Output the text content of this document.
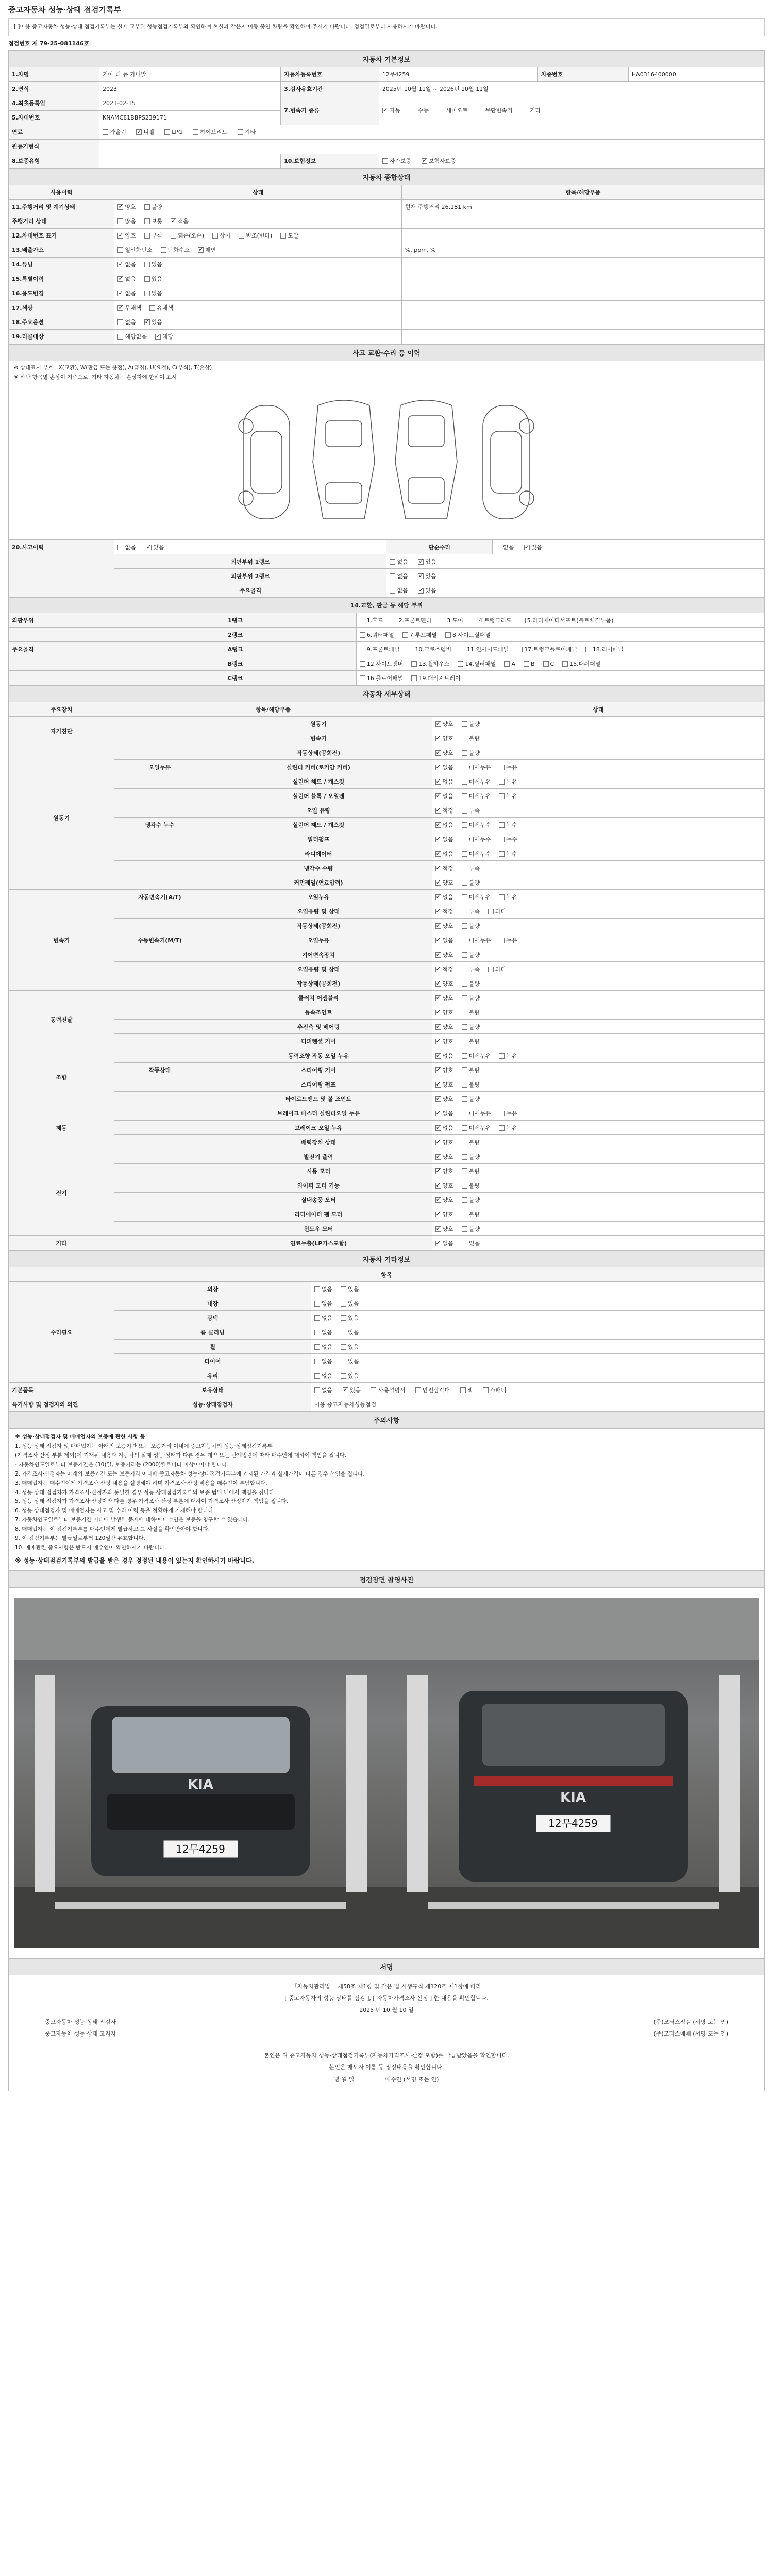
중고자동차 성능·상태 점검기록부
[ ]이용 중고자동차 성능·상태 점검기록부는 실제 교부된 성능점검기록부와 확인하여 현실과 같은지 이동 중인 차량을 확인하여 주시기 바랍니다. 점검일로부터 사용하시기 바랍니다.
점검번호 제 79-25-081146호
자동차 기본정보
1.차명	기아 더 뉴 카니발	자동차등록번호	12무4259	차종번호	HA0316400000
2.연식	2023	3.검사유효기간	2025년 10월 11일 ~ 2026년 10월 11일		
4.최초등록일	2023-02-15	7.변속기 종류	✓자동 수동 세미오토 무단변속기 기타
5.차대번호	KNAMC81BBPS239171				
연료	가솔린 ✓ 디젤 LPG 하이브리드 기타
원동기형식					
8.보증유형		10.보험정보	자가보증 ✓ 보험사보증
자동차 종합상태
사용이력	상태	항목/해당부품
11.주행거리 및 계기상태	✓양호 불량	현재 주행거리 26,181 km
주행거리 상태	많음 보통 ✓ 적음	
12.차대번호 표기	✓양호 부식 훼손(오손) 상이 변조(변타) 도말	
13.배출가스	일산화탄소 탄화수소 ✓ 매연	%, ppm, %
14.튜닝	✓없음 있음	
15.특별이력	✓없음 있음	
16.용도변경	✓없음 있음	
17.색상	✓무채색 유채색	
18.주요옵션	없음 ✓ 있음	
19.리콜대상	해당없음 ✓ 해당	
사고 교환·수리 등 이력
※ 상태표시 부호 : X(교환), W(판금 또는 용접), A(흠집), U(요철), C(부식), T(손상)
※ 하단 항목별 손상이 기준으로, 기타 자동차는 손상자에 한하여 표시
20.사고이력	없음 ✓ 있음	단순수리	없음 ✓ 있음
	외판부위 1랭크	없음 ✓ 있음
	외판부위 2랭크	없음 ✓ 있음
	주요골격	없음 ✓ 있음
14.교환, 판금 등 해당 부위
외판부위	1랭크	1.후드 2.프론트펜더 3.도어 4.트렁크리드 5.라디에이터서포트(볼트체결부품)
	2랭크	6.쿼터패널 7.루프패널 8.사이드실패널
주요골격	A랭크	9.프론트패널 10.크로스멤버 11.인사이드패널 17.트렁크플로어패널 18.리어패널
	B랭크	12.사이드멤버 13.휠하우스 14.필러패널 A B C 15.대쉬패널
	C랭크	16.플로어패널 19.패키지트레이
자동차 세부상태
주요장치	항목/해당부품		상태
자기진단		원동기	✓양호 불량
		변속기	✓양호 불량
원동기		작동상태(공회전)	✓양호 불량
	오일누유	실린더 커버(로커암 커버)	✓없음 미세누유 누유
		실린더 헤드 / 개스킷	✓없음 미세누유 누유
		실린더 블록 / 오일팬	✓없음 미세누유 누유
		오일 유량	✓적정 부족
	냉각수 누수	실린더 헤드 / 개스킷	✓없음 미세누수 누수
		워터펌프	✓없음 미세누수 누수
		라디에이터	✓없음 미세누수 누수
		냉각수 수량	✓적정 부족
		커먼레일(연료압력)	✓양호 불량
변속기	자동변속기(A/T)	오일누유	✓없음 미세누유 누유
		오일유량 및 상태	✓적정 부족 과다
		작동상태(공회전)	✓양호 불량
	수동변속기(M/T)	오일누유	✓없음 미세누유 누유
		기어변속장치	✓양호 불량
		오일유량 및 상태	✓적정 부족 과다
		작동상태(공회전)	✓양호 불량
동력전달		클러치 어셈블리	✓양호 불량
		등속조인트	✓양호 불량
		추진축 및 베어링	✓양호 불량
		디퍼렌셜 기어	✓양호 불량
조향		동력조향 작동 오일 누유	✓없음 미세누유 누유
	작동상태	스티어링 기어	✓양호 불량
		스티어링 펌프	✓양호 불량
		타이로드엔드 및 볼 조인트	✓양호 불량
제동		브레이크 마스터 실린더오일 누유	✓없음 미세누유 누유
		브레이크 오일 누유	✓없음 미세누유 누유
		배력장치 상태	✓양호 불량
전기		발전기 출력	✓양호 불량
		시동 모터	✓양호 불량
		와이퍼 모터 기능	✓양호 불량
		실내송풍 모터	✓양호 불량
		라디에이터 팬 모터	✓양호 불량
		윈도우 모터	✓양호 불량
기타		연료누출(LP가스포함)	✓없음 있음
자동차 기타정보
항목		
수리필요	외장	없음 있음
	내장	없음 있음
	광택	없음 있음
	룸 클리닝	없음 있음
	휠	없음 있음
	타이어	없음 있음
	유리	없음 있음
기본품목	보유상태	없음 ✓ 있음 사용설명서 안전삼각대 잭 스패너
특기사항 및 점검자의 의견	성능·상태점검자	이용 중고자동차성능점검
주의사항
※ 성능·상태점검자 및 매매업자의 보증에 관한 사항 등
1. 성능·상태 점검자 및 매매업자는 아래의 보증기간 또는 보증거리 이내에 중고자동차의 성능·상태점검기록부
(가격조사·산정 부분 제외)에 기재된 내용과 자동차의 실제 성능·상태가 다른 경우 계약 또는 관계법령에 따라 매수인에 대하여 책임을 집니다.
- 자동차인도일로부터 보증기간은 (30)일, 보증거리는 (2000)킬로미터 이상이어야 합니다.
2. 가격조사·산정자는 아래의 보증기간 또는 보증거리 이내에 중고자동차 성능·상태점검기록부에 기재된 가격과 실제가격이 다른 경우 책임을 집니다.
3. 매매업자는 매수인에게 가격조사·산정 내용을 설명해야 하며 가격조사·산정 비용을 매수인이 부담합니다.
4. 성능·상태 점검자가 가격조사·산정자와 동일한 경우 성능·상태점검기록부의 보증 범위 내에서 책임을 집니다.
5. 성능·상태 점검자가 가격조사·산정자와 다른 경우 가격조사·산정 부분에 대하여 가격조사·산정자가 책임을 집니다.
6. 성능·상태점검자 및 매매업자는 사고 및 수리 이력 등을 정확하게 기재해야 합니다.
7. 자동차인도일로부터 보증기간 이내에 발생한 문제에 대하여 매수인은 보증을 청구할 수 있습니다.
8. 매매업자는 이 점검기록부를 매수인에게 발급하고 그 사실을 확인받아야 합니다.
9. 이 점검기록부는 발급일로부터 120일간 유효합니다.
10. 매매관련 중요사항은 반드시 매수인이 확인하시기 바랍니다.
※ 성능·상태점검기록부의 발급을 받은 경우 정정된 내용이 있는지 확인하시기 바랍니다.
점검장면 촬영사진
12무4259
KIA
12무4259
KIA
서명
「자동차관리법」 제58조 제1항 및 같은 법 시행규칙 제120조 제1항에 따라
[ 중고자동차의 성능·상태를 점검 ], [ 자동차가격조사·산정 ] 한 내용을 확인합니다.
2025 년 10 월 10 일
중고자동차 성능·상태 점검자	(주)모터스점검 (서명 또는 인)
중고자동차 성능·상태 고지자	(주)모터스매매 (서명 또는 인)
본인은 위 중고자동차 성능·상태점검기록부(자동차가격조사·산정 포함)를 발급받았음을 확인합니다.
본인은 매도자 이름 등 정정내용을 확인합니다.
년 월 일	매수인 (서명 또는 인)
